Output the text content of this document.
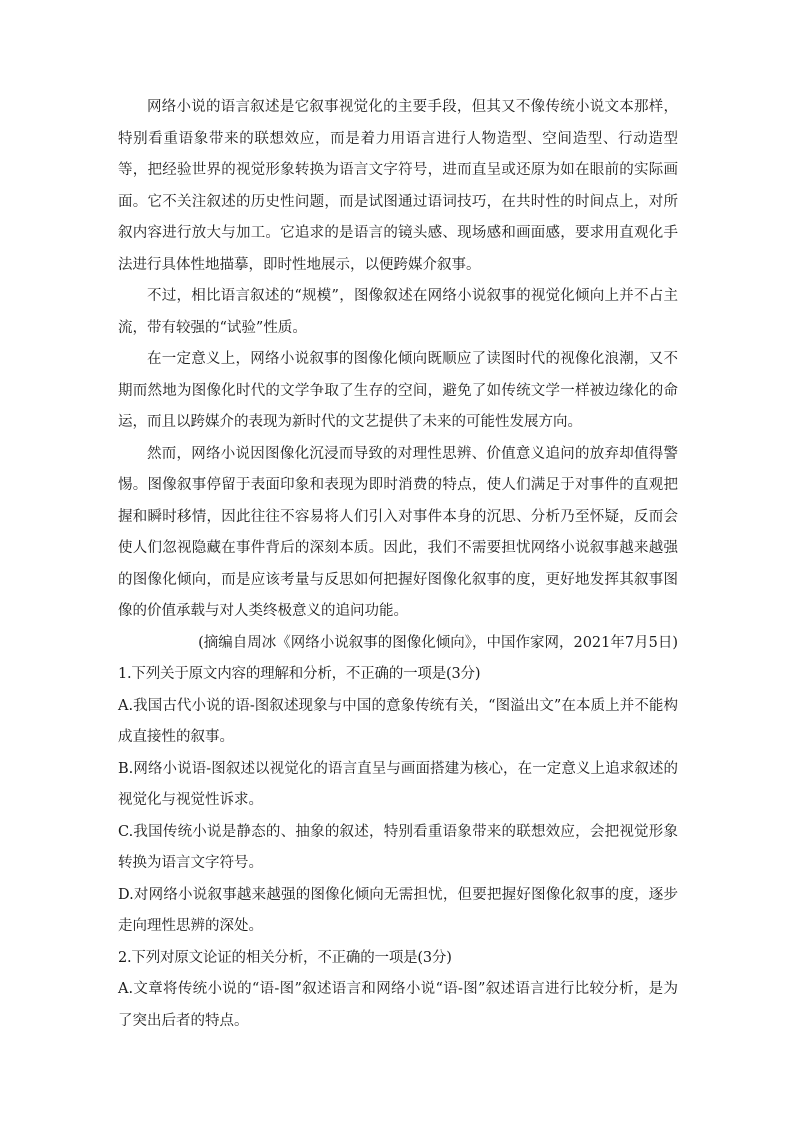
网络小说的语言叙述是它叙事视觉化的主要手段，但其又不像传统小说文本那样，特别看重语象带来的联想效应，而是着力用语言进行人物造型、空间造型、行动造型等，把经验世界的视觉形象转换为语言文字符号，进而直呈或还原为如在眼前的实际画面。它不关注叙述的历史性问题，而是试图通过语词技巧，在共时性的时间点上，对所叙内容进行放大与加工。它追求的是语言的镜头感、现场感和画面感，要求用直观化手法进行具体性地描摹，即时性地展示，以便跨媒介叙事。

不过，相比语言叙述的“规模”，图像叙述在网络小说叙事的视觉化倾向上并不占主流，带有较强的“试验”性质。

在一定意义上，网络小说叙事的图像化倾向既顺应了读图时代的视像化浪潮，又不期而然地为图像化时代的文学争取了生存的空间，避免了如传统文学一样被边缘化的命运，而且以跨媒介的表现为新时代的文艺提供了未来的可能性发展方向。

然而，网络小说因图像化沉浸而导致的对理性思辨、价值意义追问的放弃却值得警惕。图像叙事停留于表面印象和表现为即时消费的特点，使人们满足于对事件的直观把握和瞬时移情，因此往往不容易将人们引入对事件本身的沉思、分析乃至怀疑，反而会使人们忽视隐藏在事件背后的深刻本质。因此，我们不需要担忧网络小说叙事越来越强的图像化倾向，而是应该考量与反思如何把握好图像化叙事的度，更好地发挥其叙事图像的价值承载与对人类终极意义的追问功能。

(摘编自周冰《网络小说叙事的图像化倾向》，中国作家网，2021年7月5日)

1.下列关于原文内容的理解和分析，不正确的一项是(3分)

A.我国古代小说的语-图叙述现象与中国的意象传统有关，“图溢出文”在本质上并不能构成直接性的叙事。

B.网络小说语-图叙述以视觉化的语言直呈与画面搭建为核心，在一定意义上追求叙述的视觉化与视觉性诉求。

C.我国传统小说是静态的、抽象的叙述，特别看重语象带来的联想效应，会把视觉形象转换为语言文字符号。

D.对网络小说叙事越来越强的图像化倾向无需担忧，但要把握好图像化叙事的度，逐步走向理性思辨的深处。

2.下列对原文论证的相关分析，不正确的一项是(3分)

A.文章将传统小说的“语-图”叙述语言和网络小说“语-图”叙述语言进行比较分析，是为了突出后者的特点。
